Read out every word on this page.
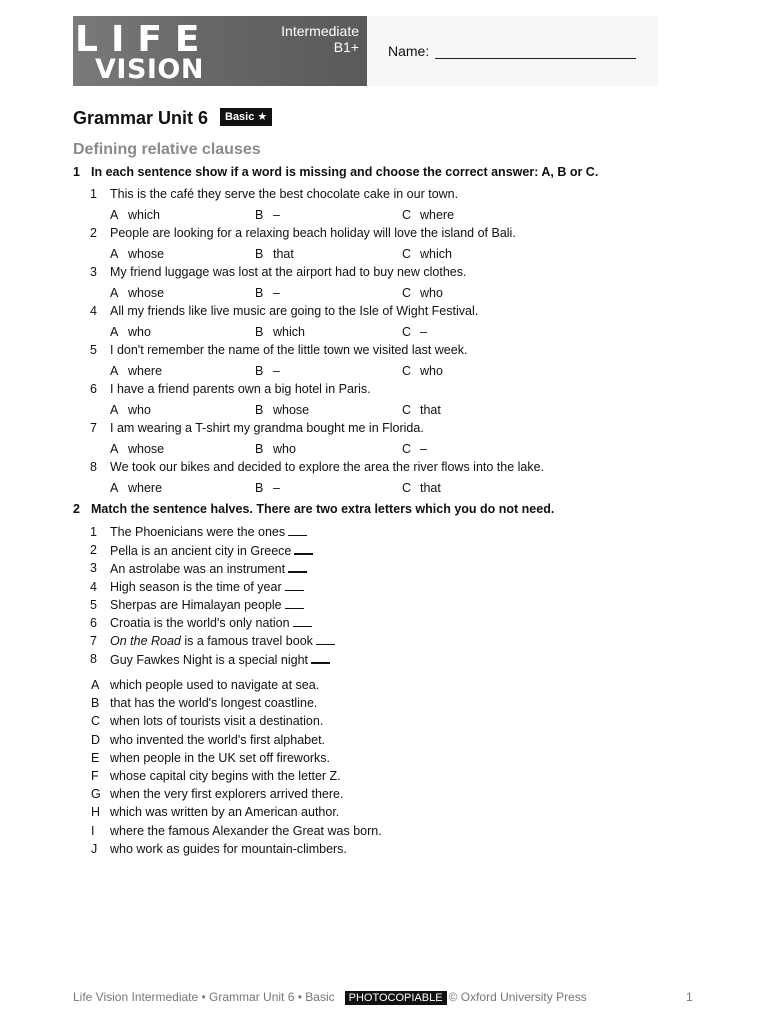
LIFE
VISION
Intermediate
B1+ Name:
Grammar Unit 6	Basic ★
Defining relative clauses
1 In each sentence show if a word is missing and choose the correct answer: A, B or C.
1	This is the café they serve the best chocolate cake in our town.
A which	B –	C where
2	People are looking for a relaxing beach holiday will love the island of Bali.
A whose	B that	C which
3	My friend luggage was lost at the airport had to buy new clothes.
A whose	B –	C who
4	All my friends like live music are going to the Isle of Wight Festival.
A who	B which	C –
5	I don't remember the name of the little town we visited last week.
A where	B –	C who
6	I have a friend parents own a big hotel in Paris.
A who	B whose	C that
7	I am wearing a T-shirt my grandma bought me in Florida.
A whose	B who	C –
8	We took our bikes and decided to explore the area the river flows into the lake.
A where	B –	C that
2 Match the sentence halves. There are two extra letters which you do not need.
1 The Phoenicians were the ones
2 Pella is an ancient city in Greece
3 An astrolabe was an instrument
4 High season is the time of year
5 Sherpas are Himalayan people
6 Croatia is the world's only nation
7 On the Road is a famous travel book
8 Guy Fawkes Night is a special night
A which people used to navigate at sea.
B that has the world's longest coastline.
C when lots of tourists visit a destination.
D who invented the world's first alphabet.
E when people in the UK set off fireworks.
F whose capital city begins with the letter Z.
G when the very first explorers arrived there.
H which was written by an American author.
I where the famous Alexander the Great was born.
J who work as guides for mountain-climbers.
Life Vision Intermediate • Grammar Unit 6 • Basic PHOTOCOPIABLE © Oxford University Press	1
